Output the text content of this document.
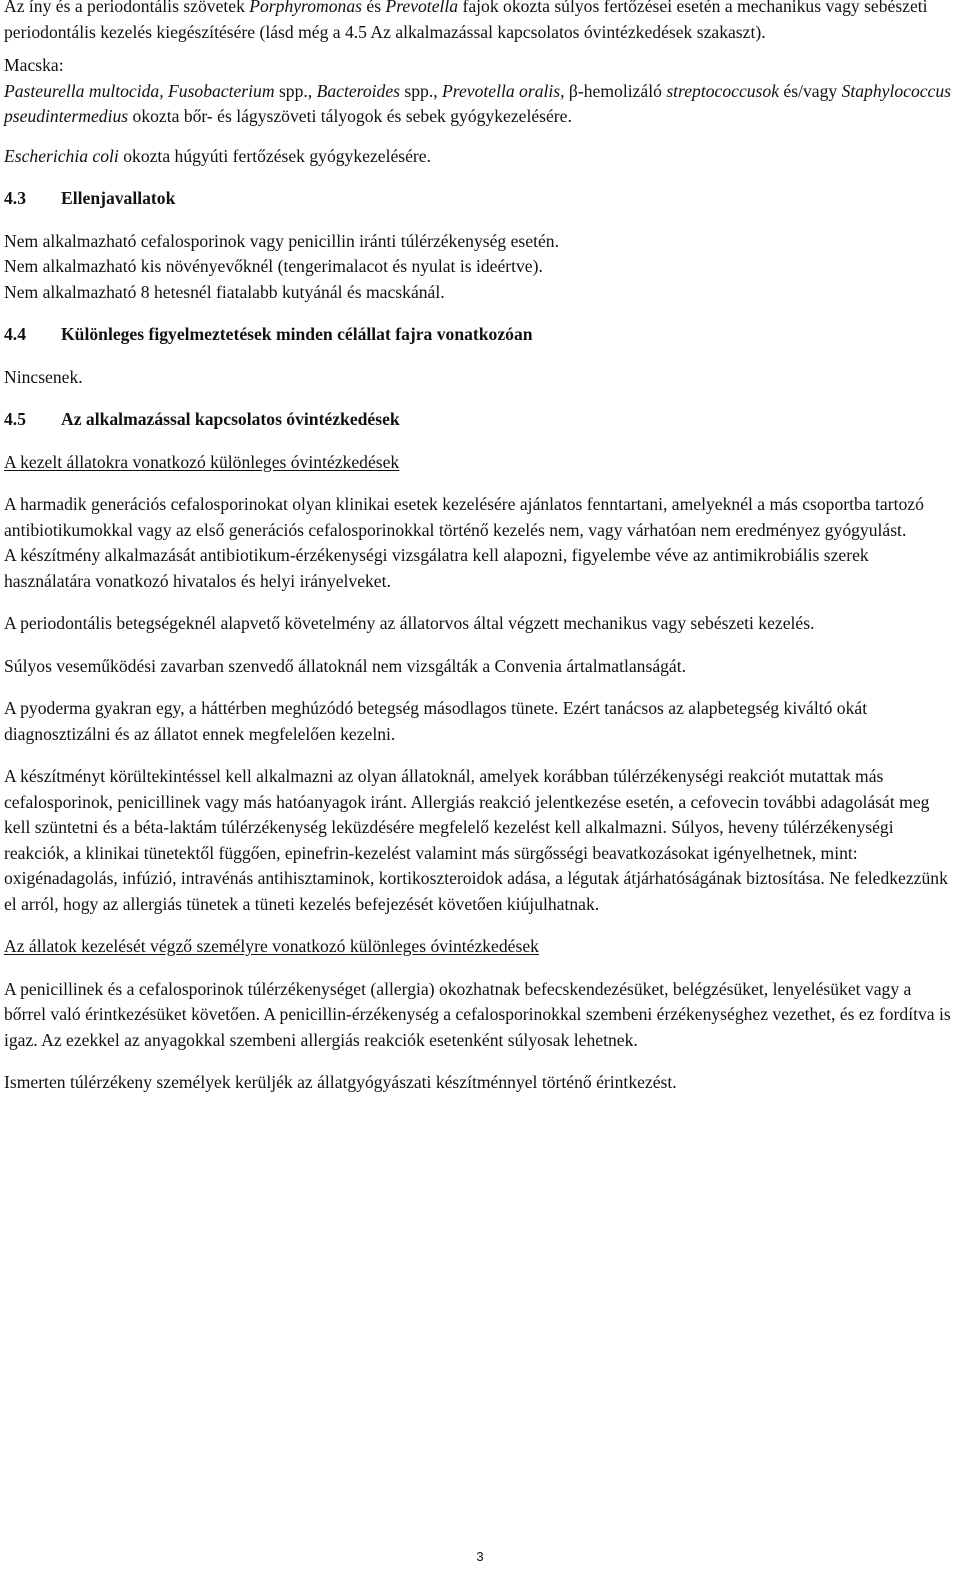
Az íny és a periodontális szövetek Porphyromonas és Prevotella fajok okozta súlyos fertőzései esetén a mechanikus vagy sebészeti periodontális kezelés kiegészítésére (lásd még a 4.5 Az alkalmazással kapcsolatos óvintézkedések szakaszt).

Macska:

Pasteurella multocida, Fusobacterium spp., Bacteroides spp., Prevotella oralis, β-hemolizáló streptococcusok és/vagy Staphylococcus pseudintermedius okozta bőr- és lágyszöveti tályogok és sebek gyógykezelésére.

Escherichia coli okozta húgyúti fertőzések gyógykezelésére.

4.3 Ellenjavallatok

Nem alkalmazható cefalosporinok vagy penicillin iránti túlérzékenység esetén.

Nem alkalmazható kis növényevőknél (tengerimalacot és nyulat is ideértve).

Nem alkalmazható 8 hetesnél fiatalabb kutyánál és macskánál.

4.4 Különleges figyelmeztetések minden célállat fajra vonatkozóan

Nincsenek.

4.5 Az alkalmazással kapcsolatos óvintézkedések

A kezelt állatokra vonatkozó különleges óvintézkedések

A harmadik generációs cefalosporinokat olyan klinikai esetek kezelésére ajánlatos fenntartani, amelyeknél a más csoportba tartozó antibiotikumokkal vagy az első generációs cefalosporinokkal történő kezelés nem, vagy várhatóan nem eredményez gyógyulást.

A készítmény alkalmazását antibiotikum-érzékenységi vizsgálatra kell alapozni, figyelembe véve az antimikrobiális szerek használatára vonatkozó hivatalos és helyi irányelveket.

A periodontális betegségeknél alapvető követelmény az állatorvos által végzett mechanikus vagy sebészeti kezelés.

Súlyos veseműködési zavarban szenvedő állatoknál nem vizsgálták a Convenia ártalmatlanságát.

A pyoderma gyakran egy, a háttérben meghúzódó betegség másodlagos tünete. Ezért tanácsos az alapbetegség kiváltó okát diagnosztizálni és az állatot ennek megfelelően kezelni.

A készítményt körültekintéssel kell alkalmazni az olyan állatoknál, amelyek korábban túlérzékenységi reakciót mutattak más cefalosporinok, penicillinek vagy más hatóanyagok iránt. Allergiás reakció jelentkezése esetén, a cefovecin további adagolását meg kell szüntetni és a béta-laktám túlérzékenység leküzdésére megfelelő kezelést kell alkalmazni. Súlyos, heveny túlérzékenységi reakciók, a klinikai tünetektől függően, epinefrin-kezelést valamint más sürgősségi beavatkozásokat igényelhetnek, mint: oxigénadagolás, infúzió, intravénás antihisztaminok, kortikoszteroidok adása, a légutak átjárhatóságának biztosítása. Ne feledkezzünk el arról, hogy az allergiás tünetek a tüneti kezelés befejezését követően kiújulhatnak.

Az állatok kezelését végző személyre vonatkozó különleges óvintézkedések

A penicillinek és a cefalosporinok túlérzékenységet (allergia) okozhatnak befecskendezésüket, belégzésüket, lenyelésüket vagy a bőrrel való érintkezésüket követően. A penicillin-érzékenység a cefalosporinokkal szembeni érzékenységhez vezethet, és ez fordítva is igaz. Az ezekkel az anyagokkal szembeni allergiás reakciók esetenként súlyosak lehetnek.

Ismerten túlérzékeny személyek kerüljék az állatgyógyászati készítménnyel történő érintkezést.

3
